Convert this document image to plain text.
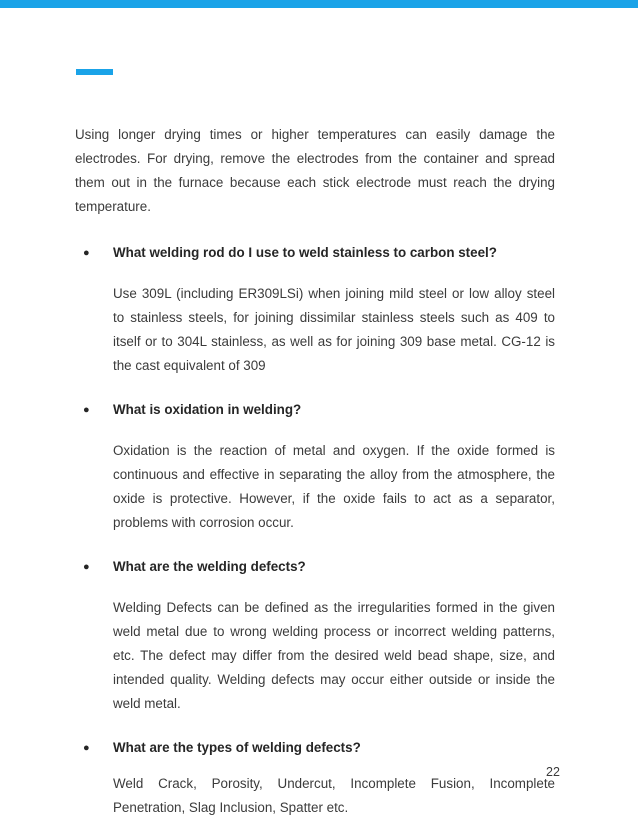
Using longer drying times or higher temperatures can easily damage the electrodes. For drying, remove the electrodes from the container and spread them out in the furnace because each stick electrode must reach the drying temperature.

● What welding rod do I use to weld stainless to carbon steel?

Use 309L (including ER309LSi) when joining mild steel or low alloy steel to stainless steels, for joining dissimilar stainless steels such as 409 to itself or to 304L stainless, as well as for joining 309 base metal. CG-12 is the cast equivalent of 309

● What is oxidation in welding?

Oxidation is the reaction of metal and oxygen. If the oxide formed is continuous and effective in separating the alloy from the atmosphere, the oxide is protective. However, if the oxide fails to act as a separator, problems with corrosion occur.

● What are the welding defects?

Welding Defects can be defined as the irregularities formed in the given weld metal due to wrong welding process or incorrect welding patterns, etc. The defect may differ from the desired weld bead shape, size, and intended quality. Welding defects may occur either outside or inside the weld metal.

● What are the types of welding defects?

Weld Crack, Porosity, Undercut, Incomplete Fusion, Incomplete Penetration, Slag Inclusion, Spatter etc.

22
